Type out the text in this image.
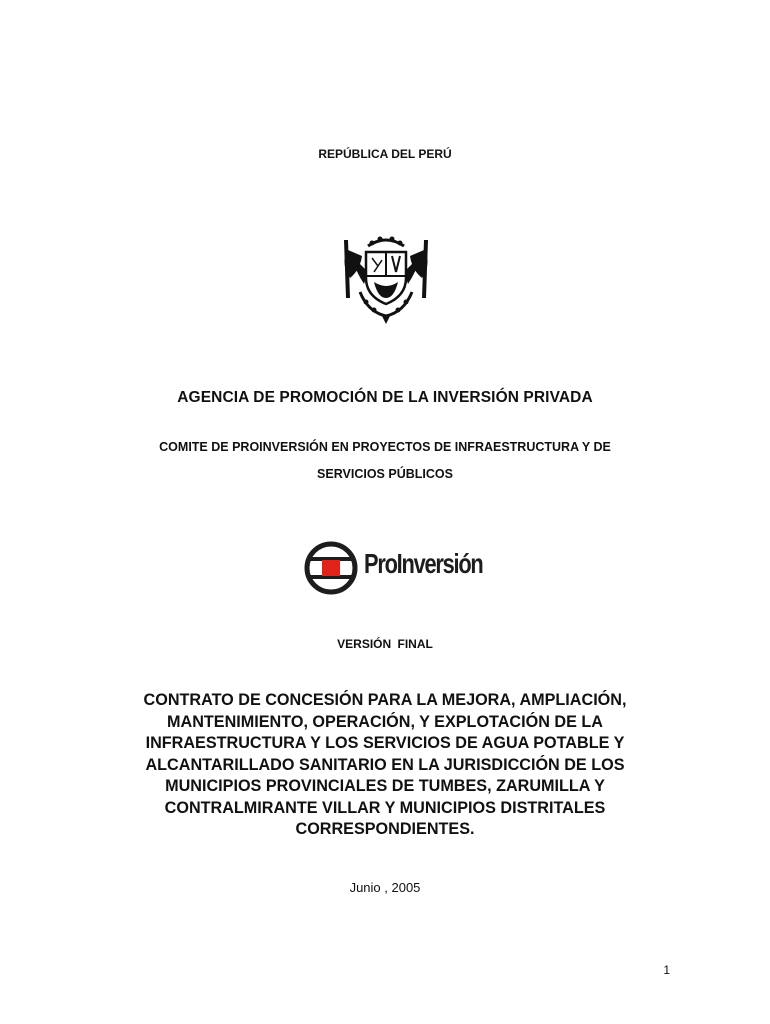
REPÚBLICA DEL PERÚ
AGENCIA DE PROMOCIÓN DE LA INVERSIÓN PRIVADA
COMITE DE PROINVERSIÓN EN PROYECTOS DE INFRAESTRUCTURA Y DE
SERVICIOS PÚBLICOS
ProInversión
VERSIÓN FINAL
CONTRATO DE CONCESIÓN PARA LA MEJORA, AMPLIACIÓN,
MANTENIMIENTO, OPERACIÓN, Y EXPLOTACIÓN DE LA
INFRAESTRUCTURA Y LOS SERVICIOS DE AGUA POTABLE Y
ALCANTARILLADO SANITARIO EN LA JURISDICCIÓN DE LOS
MUNICIPIOS PROVINCIALES DE TUMBES, ZARUMILLA Y
CONTRALMIRANTE VILLAR Y MUNICIPIOS DISTRITALES
CORRESPONDIENTES.
Junio , 2005
1
